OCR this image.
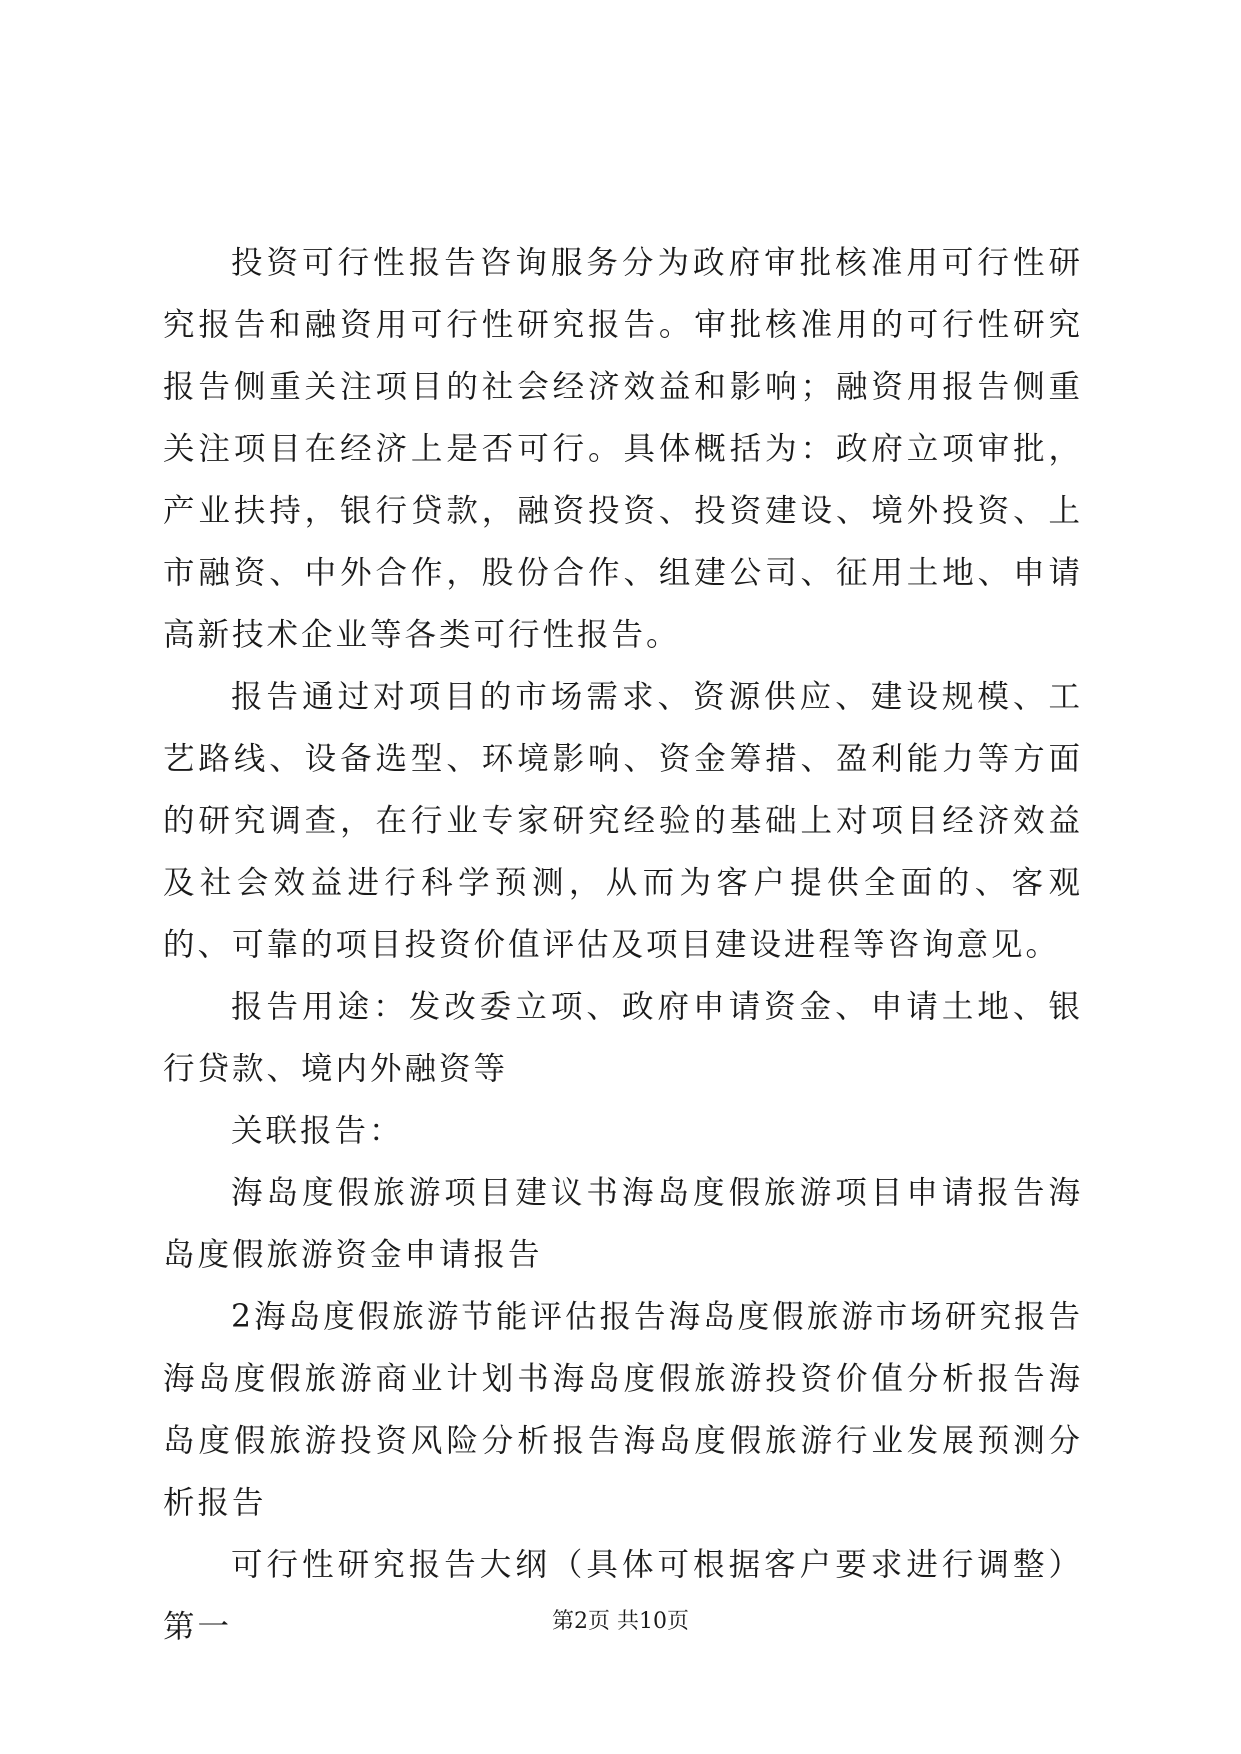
投资可行性报告咨询服务分为政府审批核准用可行性研究报告和融资用可行性研究报告。审批核准用的可行性研究报告侧重关注项目的社会经济效益和影响；融资用报告侧重关注项目在经济上是否可行。具体概括为：政府立项审批，产业扶持，银行贷款，融资投资、投资建设、境外投资、上市融资、中外合作，股份合作、组建公司、征用土地、申请高新技术企业等各类可行性报告。

报告通过对项目的市场需求、资源供应、建设规模、工艺路线、设备选型、环境影响、资金筹措、盈利能力等方面的研究调查，在行业专家研究经验的基础上对项目经济效益及社会效益进行科学预测，从而为客户提供全面的、客观的、可靠的项目投资价值评估及项目建设进程等咨询意见。

报告用途：发改委立项、政府申请资金、申请土地、银行贷款、境内外融资等

关联报告：

海岛度假旅游项目建议书海岛度假旅游项目申请报告海岛度假旅游资金申请报告

2海岛度假旅游节能评估报告海岛度假旅游市场研究报告海岛度假旅游商业计划书海岛度假旅游投资价值分析报告海岛度假旅游投资风险分析报告海岛度假旅游行业发展预测分析报告

可行性研究报告大纲（具体可根据客户要求进行调整）第一	第2页 共10页
